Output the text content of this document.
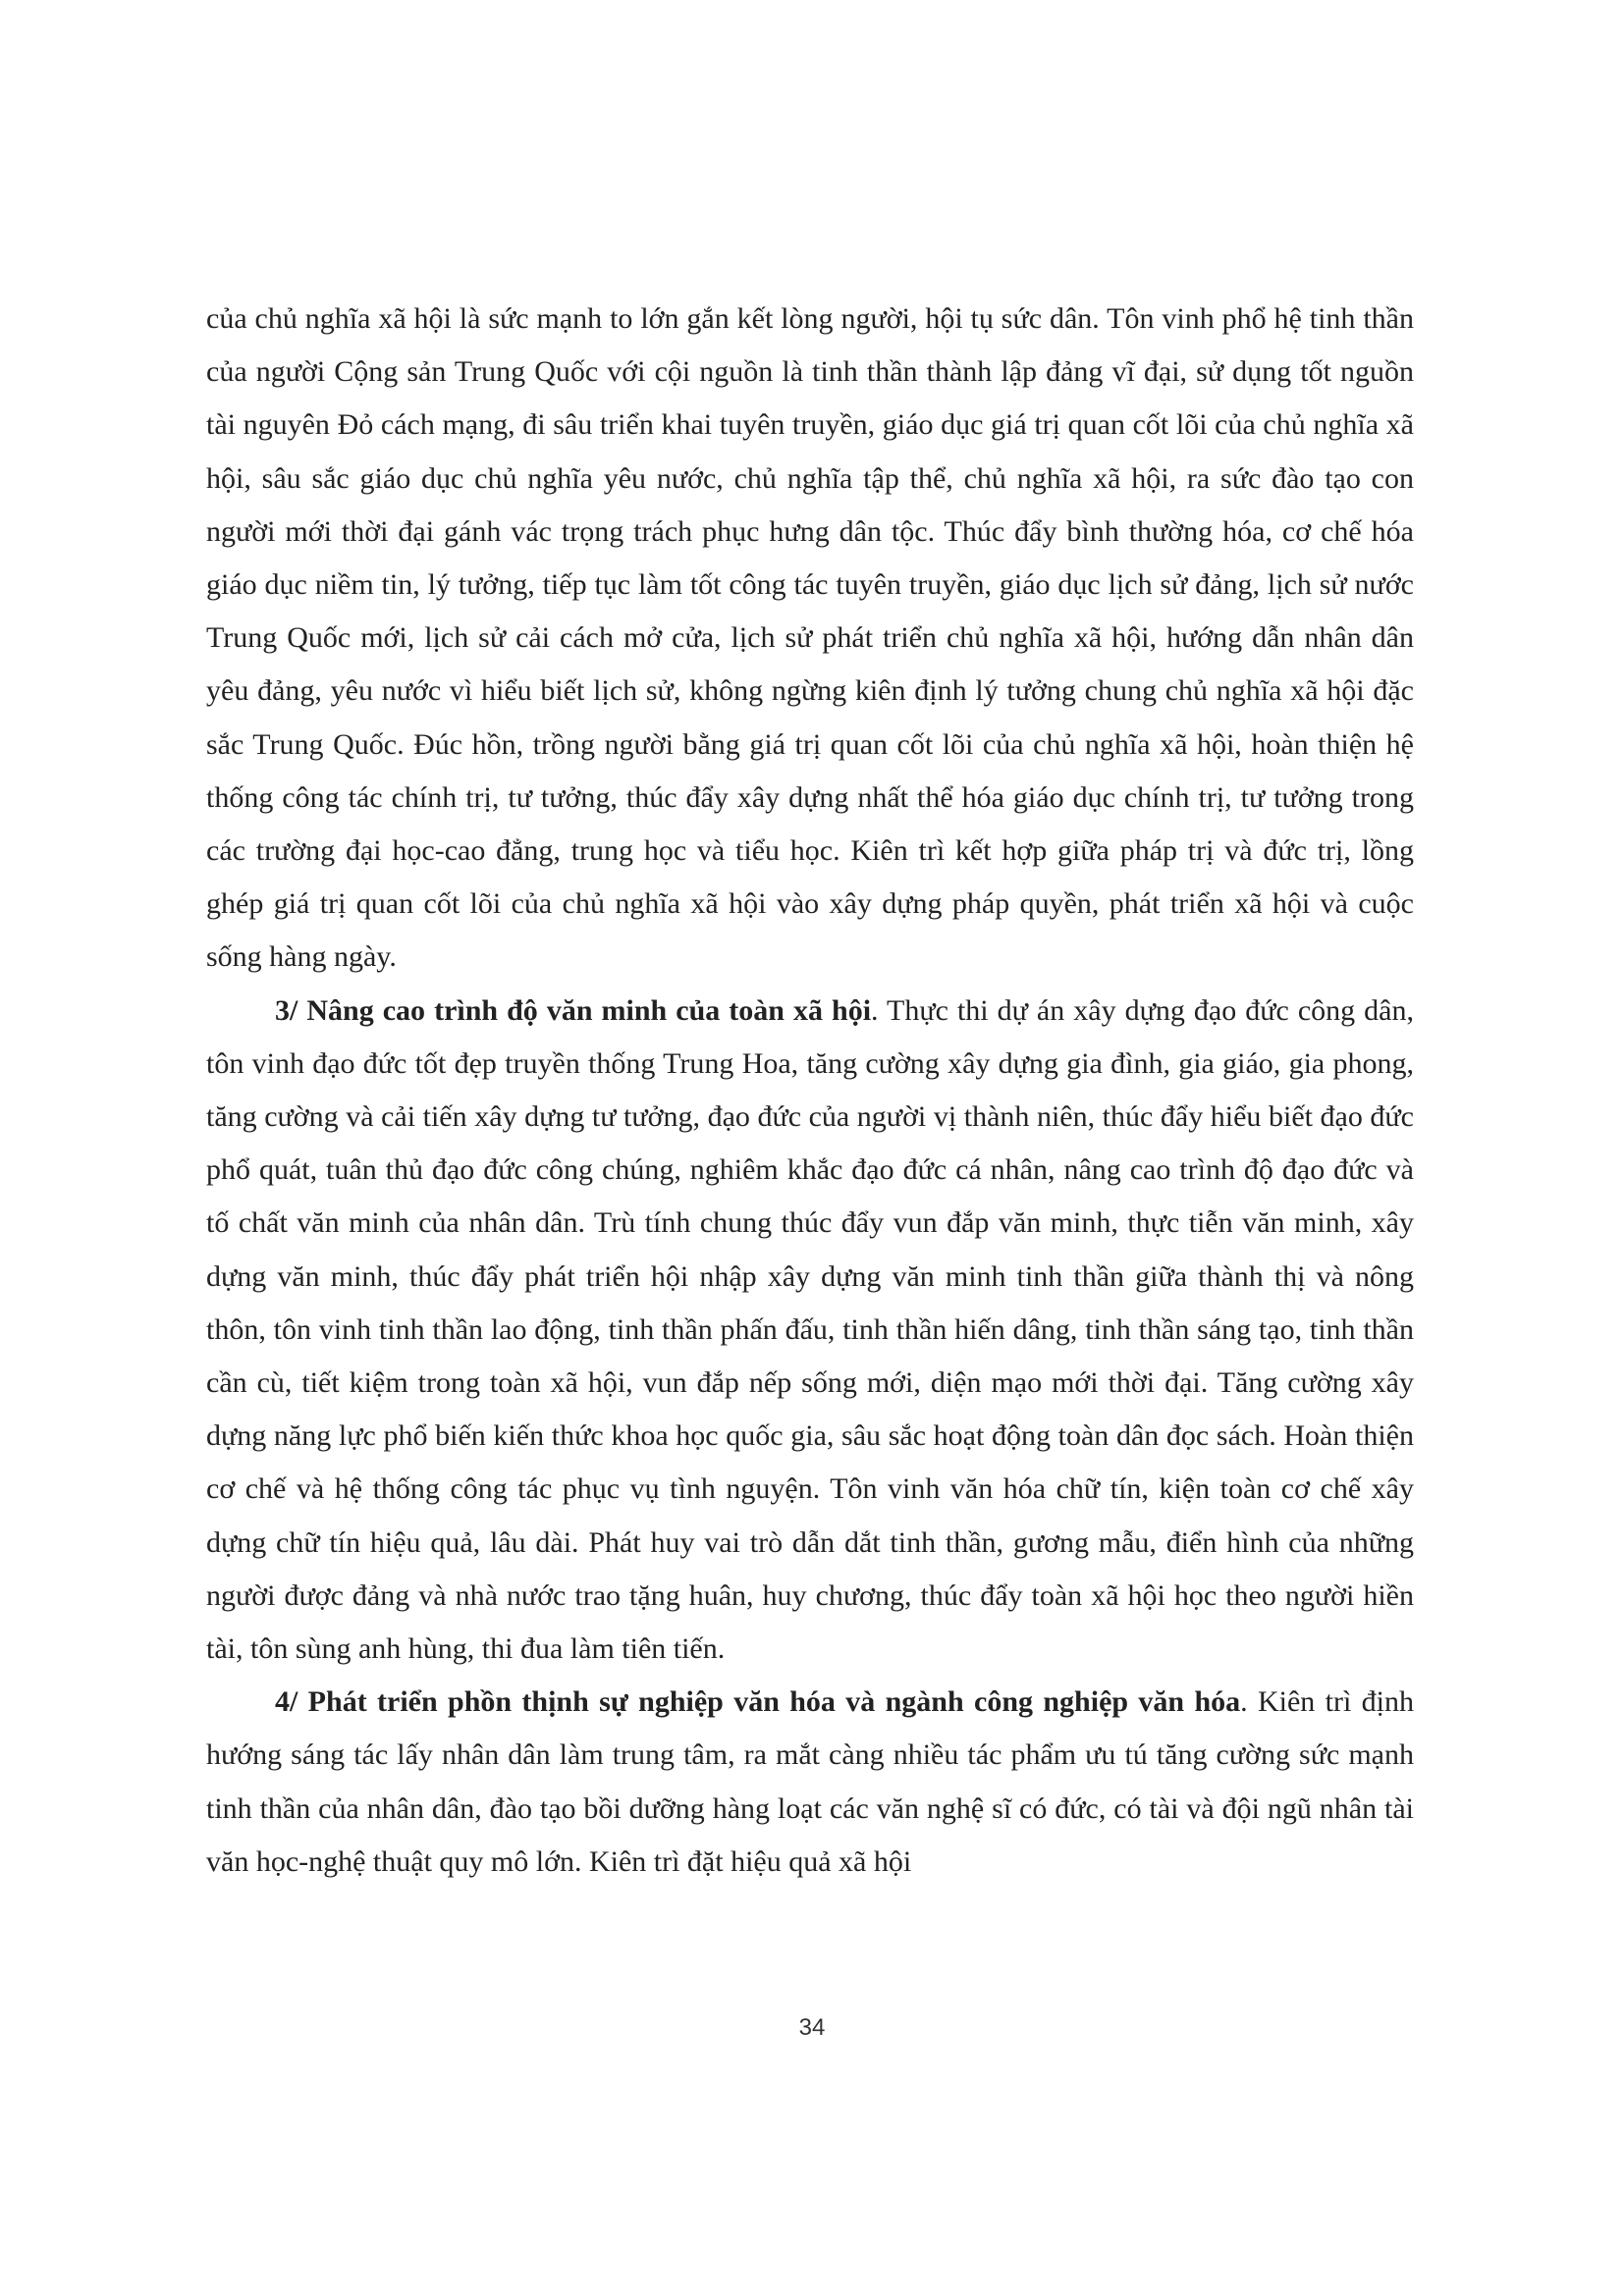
của chủ nghĩa xã hội là sức mạnh to lớn gắn kết lòng người, hội tụ sức dân. Tôn vinh phổ hệ tinh thần của người Cộng sản Trung Quốc với cội nguồn là tinh thần thành lập đảng vĩ đại, sử dụng tốt nguồn tài nguyên Đỏ cách mạng, đi sâu triển khai tuyên truyền, giáo dục giá trị quan cốt lõi của chủ nghĩa xã hội, sâu sắc giáo dục chủ nghĩa yêu nước, chủ nghĩa tập thể, chủ nghĩa xã hội, ra sức đào tạo con người mới thời đại gánh vác trọng trách phục hưng dân tộc. Thúc đẩy bình thường hóa, cơ chế hóa giáo dục niềm tin, lý tưởng, tiếp tục làm tốt công tác tuyên truyền, giáo dục lịch sử đảng, lịch sử nước Trung Quốc mới, lịch sử cải cách mở cửa, lịch sử phát triển chủ nghĩa xã hội, hướng dẫn nhân dân yêu đảng, yêu nước vì hiểu biết lịch sử, không ngừng kiên định lý tưởng chung chủ nghĩa xã hội đặc sắc Trung Quốc. Đúc hồn, trồng người bằng giá trị quan cốt lõi của chủ nghĩa xã hội, hoàn thiện hệ thống công tác chính trị, tư tưởng, thúc đẩy xây dựng nhất thể hóa giáo dục chính trị, tư tưởng trong các trường đại học-cao đẳng, trung học và tiểu học. Kiên trì kết hợp giữa pháp trị và đức trị, lồng ghép giá trị quan cốt lõi của chủ nghĩa xã hội vào xây dựng pháp quyền, phát triển xã hội và cuộc sống hàng ngày.

3/ Nâng cao trình độ văn minh của toàn xã hội. Thực thi dự án xây dựng đạo đức công dân, tôn vinh đạo đức tốt đẹp truyền thống Trung Hoa, tăng cường xây dựng gia đình, gia giáo, gia phong, tăng cường và cải tiến xây dựng tư tưởng, đạo đức của người vị thành niên, thúc đẩy hiểu biết đạo đức phổ quát, tuân thủ đạo đức công chúng, nghiêm khắc đạo đức cá nhân, nâng cao trình độ đạo đức và tố chất văn minh của nhân dân. Trù tính chung thúc đẩy vun đắp văn minh, thực tiễn văn minh, xây dựng văn minh, thúc đẩy phát triển hội nhập xây dựng văn minh tinh thần giữa thành thị và nông thôn, tôn vinh tinh thần lao động, tinh thần phấn đấu, tinh thần hiến dâng, tinh thần sáng tạo, tinh thần cần cù, tiết kiệm trong toàn xã hội, vun đắp nếp sống mới, diện mạo mới thời đại. Tăng cường xây dựng năng lực phổ biến kiến thức khoa học quốc gia, sâu sắc hoạt động toàn dân đọc sách. Hoàn thiện cơ chế và hệ thống công tác phục vụ tình nguyện. Tôn vinh văn hóa chữ tín, kiện toàn cơ chế xây dựng chữ tín hiệu quả, lâu dài. Phát huy vai trò dẫn dắt tinh thần, gương mẫu, điển hình của những người được đảng và nhà nước trao tặng huân, huy chương, thúc đẩy toàn xã hội học theo người hiền tài, tôn sùng anh hùng, thi đua làm tiên tiến.

4/ Phát triển phồn thịnh sự nghiệp văn hóa và ngành công nghiệp văn hóa. Kiên trì định hướng sáng tác lấy nhân dân làm trung tâm, ra mắt càng nhiều tác phẩm ưu tú tăng cường sức mạnh tinh thần của nhân dân, đào tạo bồi dưỡng hàng loạt các văn nghệ sĩ có đức, có tài và đội ngũ nhân tài văn học-nghệ thuật quy mô lớn. Kiên trì đặt hiệu quả xã hội

34
